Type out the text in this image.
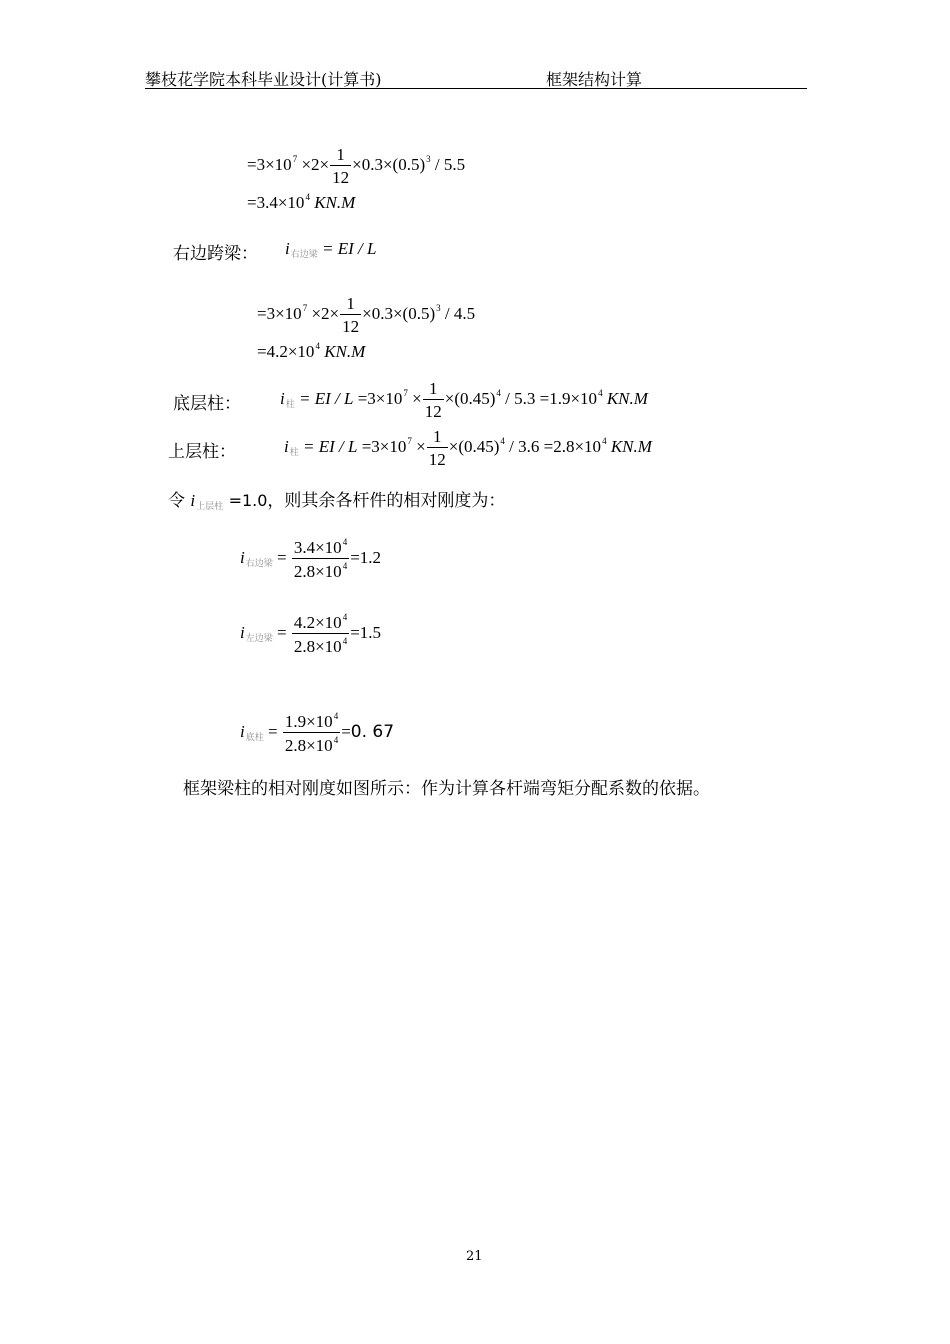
攀枝花学院本科毕业设计(计算书)	框架结构计算
$=3\times 10^7 \times 2\times \frac{1}{12} \times 0.3\times(0.5)^3 / 5.5$
$=3.4\times 10^4$ KN.M
右边跨梁： i右边梁 = EI / L
$=3\times 10^7 \times 2\times \frac{1}{12} \times 0.3\times(0.5)^3 / 4.5$
$=4.2\times 10^4$ KN.M
底层柱： i柱 = EI / $L =3\times 10^7 \times \frac{1}{12} \times(0.45)^4 / 5.3 =1.9\times 10^4$ KN.M
上层柱：	i柱 = EI / $L =3\times 10^7 \times \frac{1}{12} \times(0.45)^4 / 3.6 =2.8\times 10^4$ KN.M
令 i上层柱 =1.0，则其余各杆件的相对刚度为：
i右边梁 = $\frac{3.4\times 10^4}{2.8\times 10^4} =1.2$
i左边梁 = $\frac{4.2\times 10^4}{2.8\times 10^4} =1.5$
i底柱 = $\frac{1.9\times 10^4}{2.8\times 10^4} =0$. 67
框架梁柱的相对刚度如图所示：作为计算各杆端弯矩分配系数的依据。
21
